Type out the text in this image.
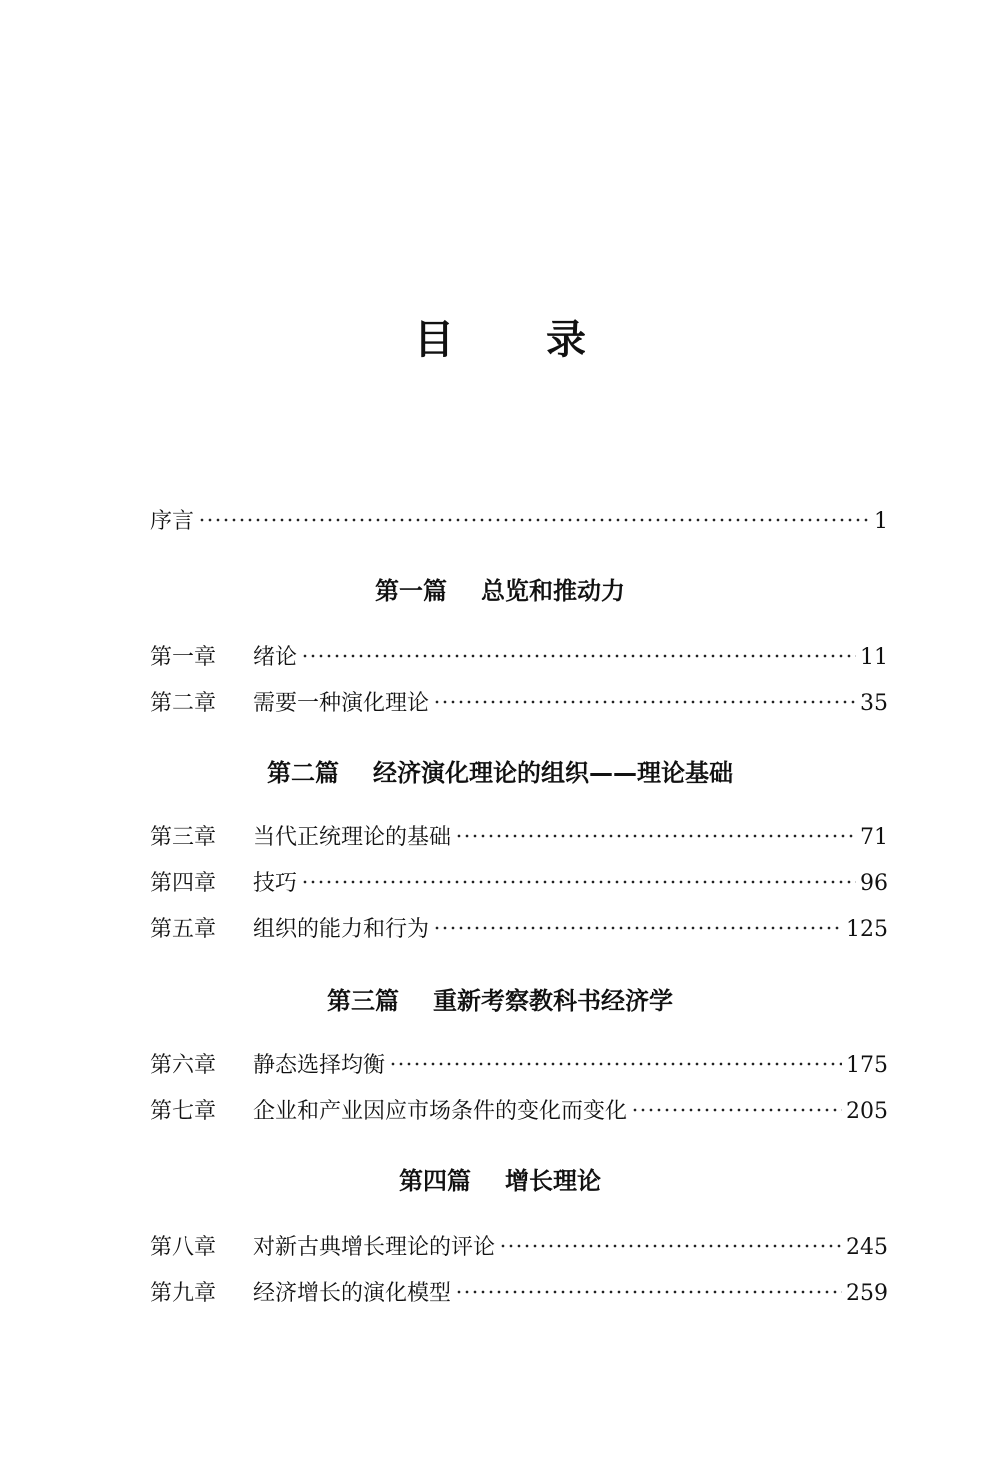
目 录
序言	1
第一篇 总览和推动力
第一章	绪论	11
第二章	需要一种演化理论	35
第二篇 经济演化理论的组织——理论基础
第三章	当代正统理论的基础	71
第四章	技巧	96
第五章	组织的能力和行为	125
第三篇 重新考察教科书经济学
第六章	静态选择均衡	175
第七章	企业和产业因应市场条件的变化而变化	205
第四篇 增长理论
第八章	对新古典增长理论的评论	245
第九章	经济增长的演化模型	259
